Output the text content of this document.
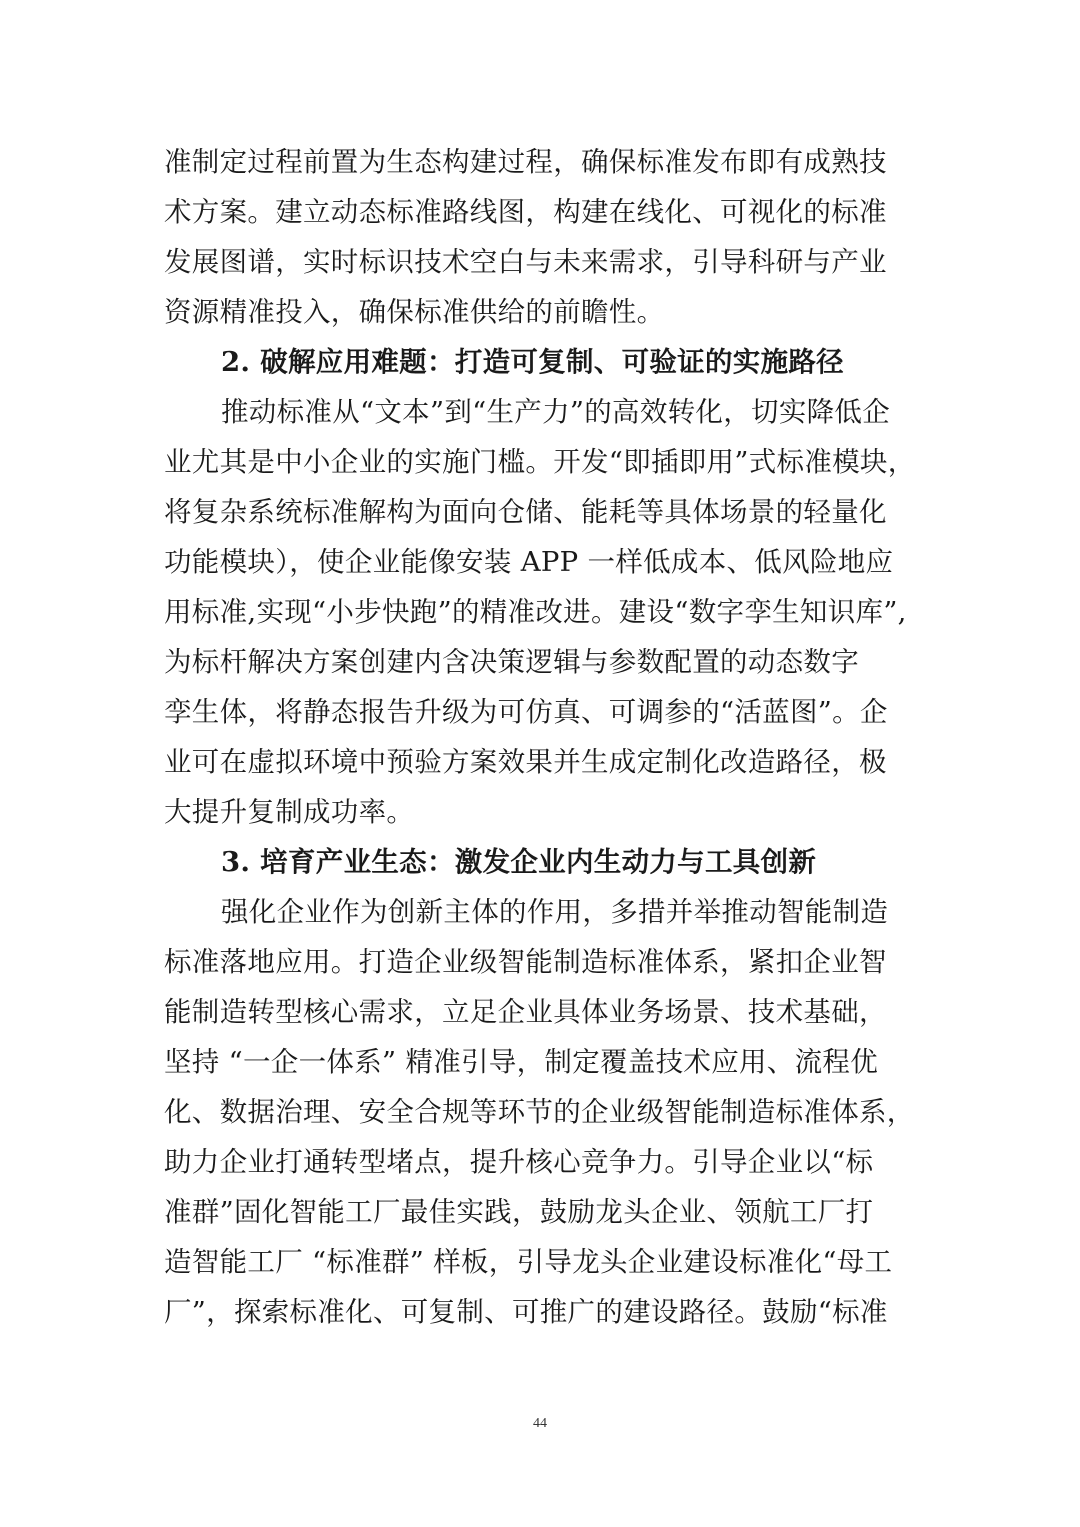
准制定过程前置为生态构建过程，确保标准发布即有成熟技
术方案。建立动态标准路线图，构建在线化、可视化的标准
发展图谱，实时标识技术空白与未来需求，引导科研与产业
资源精准投入，确保标准供给的前瞻性。
2. 破解应用难题：打造可复制、可验证的实施路径
推动标准从“文本”到“生产力”的高效转化，切实降低企
业尤其是中小企业的实施门槛。开发“即插即用”式标准模块，
将复杂系统标准解构为面向仓储、能耗等具体场景的轻量化
功能模块），使企业能像安装 APP 一样低成本、低风险地应
用标准,实现“小步快跑”的精准改进。建设“数字孪生知识库”,
为标杆解决方案创建内含决策逻辑与参数配置的动态数字
孪生体，将静态报告升级为可仿真、可调参的“活蓝图”。企
业可在虚拟环境中预验方案效果并生成定制化改造路径，极
大提升复制成功率。
3. 培育产业生态：激发企业内生动力与工具创新
强化企业作为创新主体的作用，多措并举推动智能制造
标准落地应用。打造企业级智能制造标准体系，紧扣企业智
能制造转型核心需求，立足企业具体业务场景、技术基础，
坚持 “一企一体系” 精准引导，制定覆盖技术应用、流程优
化、数据治理、安全合规等环节的企业级智能制造标准体系，
助力企业打通转型堵点，提升核心竞争力。引导企业以“标
准群”固化智能工厂最佳实践，鼓励龙头企业、领航工厂打
造智能工厂 “标准群” 样板，引导龙头企业建设标准化“母工
厂”，探索标准化、可复制、可推广的建设路径。鼓励“标准
44
